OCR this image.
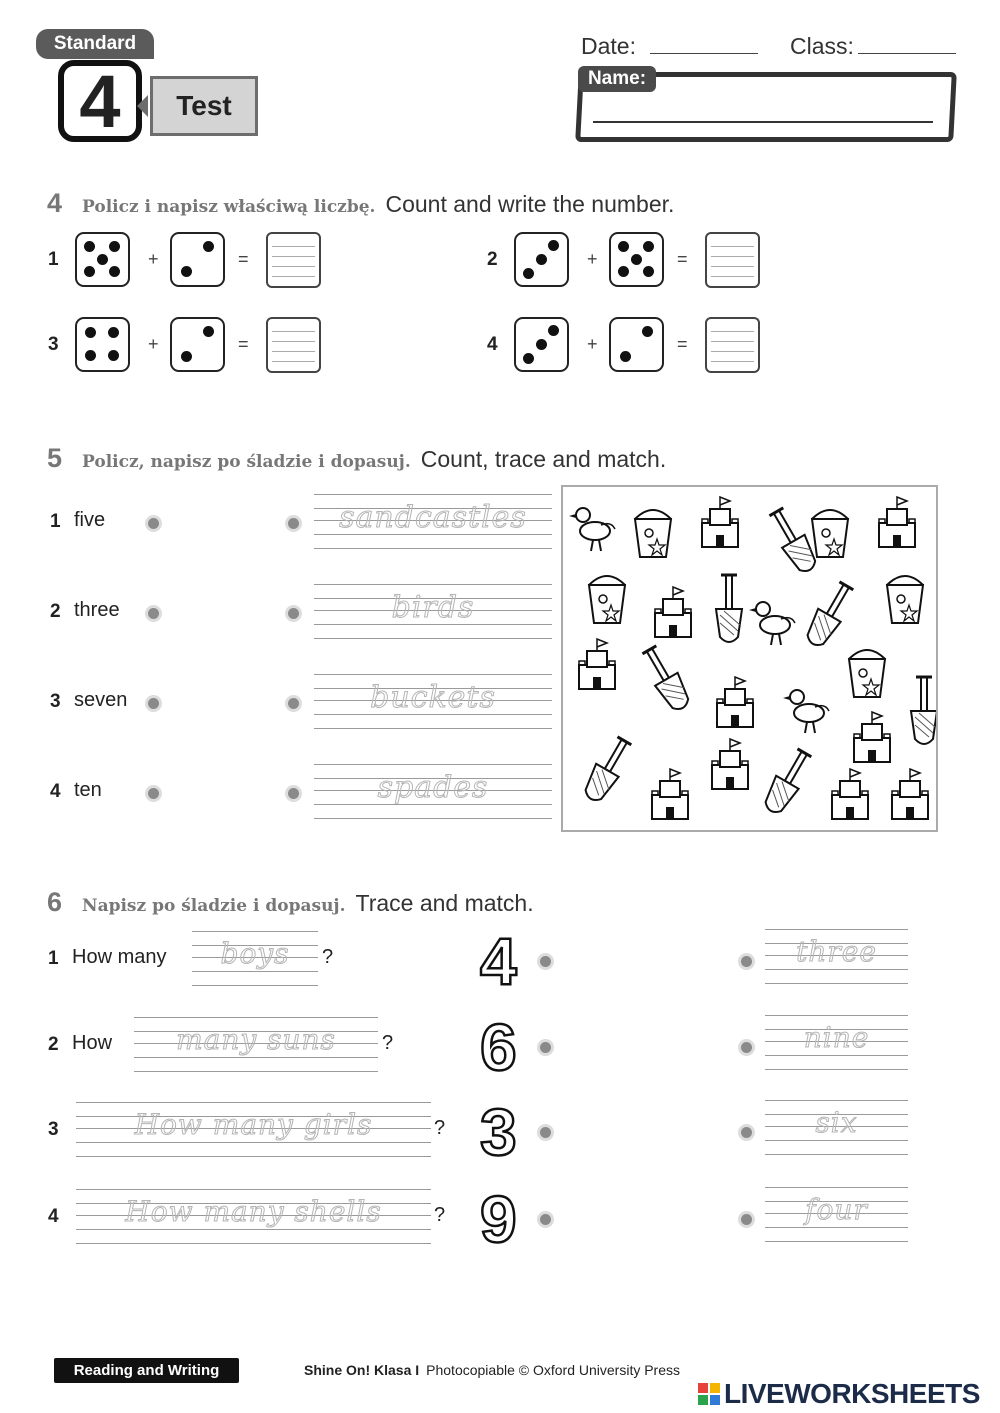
Standard
4	Test
Date:	Class:
Name:
4 Policz i napisz właściwą liczbę. Count and write the number.
1	+	=	2	+	=
3	+	=	4	+	=
5 Policz, napisz po śladzie i dopasuj. Count, trace and match.
1 five	sandcastles
2 three	birds
3 seven	buckets
4 ten	spades
6 Napisz po śladzie i dopasuj. Trace and match.
1 How many	boys	? 4	three
2 How	many suns	? 6	nine
3	How many girls	? 3	six
4	How many shells	? 9	four
Reading and Writing	Shine On! Klasa I Photocopiable © Oxford University Press
LIVEWORKSHEETS
